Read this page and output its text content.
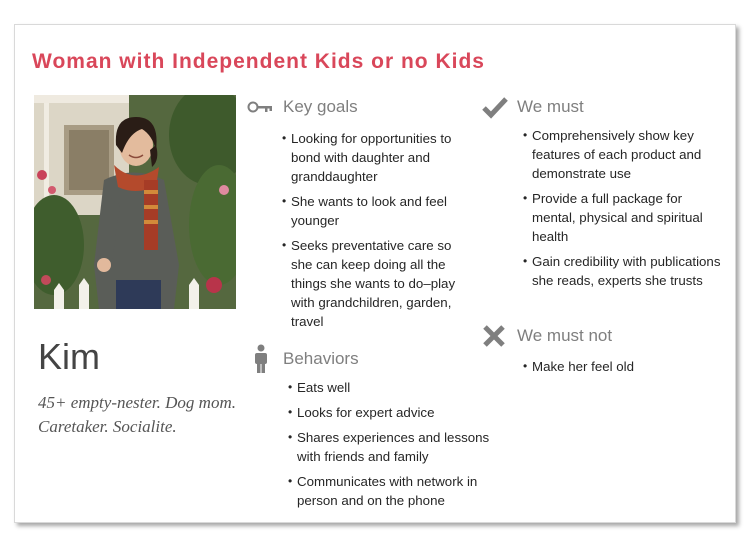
Woman with Independent Kids or no Kids
Kim
45+ empty-nester. Dog mom. Caretaker. Socialite.
Key goals
• Looking for opportunities to bond with daughter and granddaughter
• She wants to look and feel younger
• Seeks preventative care so she can keep doing all the things she wants to do–play with grandchildren, garden, travel
Behaviors
• Eats well
• Looks for expert advice
• Shares experiences and lessons with friends and family
• Communicates with network in person and on the phone
We must
• Comprehensively show key features of each product and demonstrate use
• Provide a full package for mental, physical and spiritual health
• Gain credibility with publications she reads, experts she trusts
We must not
• Make her feel old
